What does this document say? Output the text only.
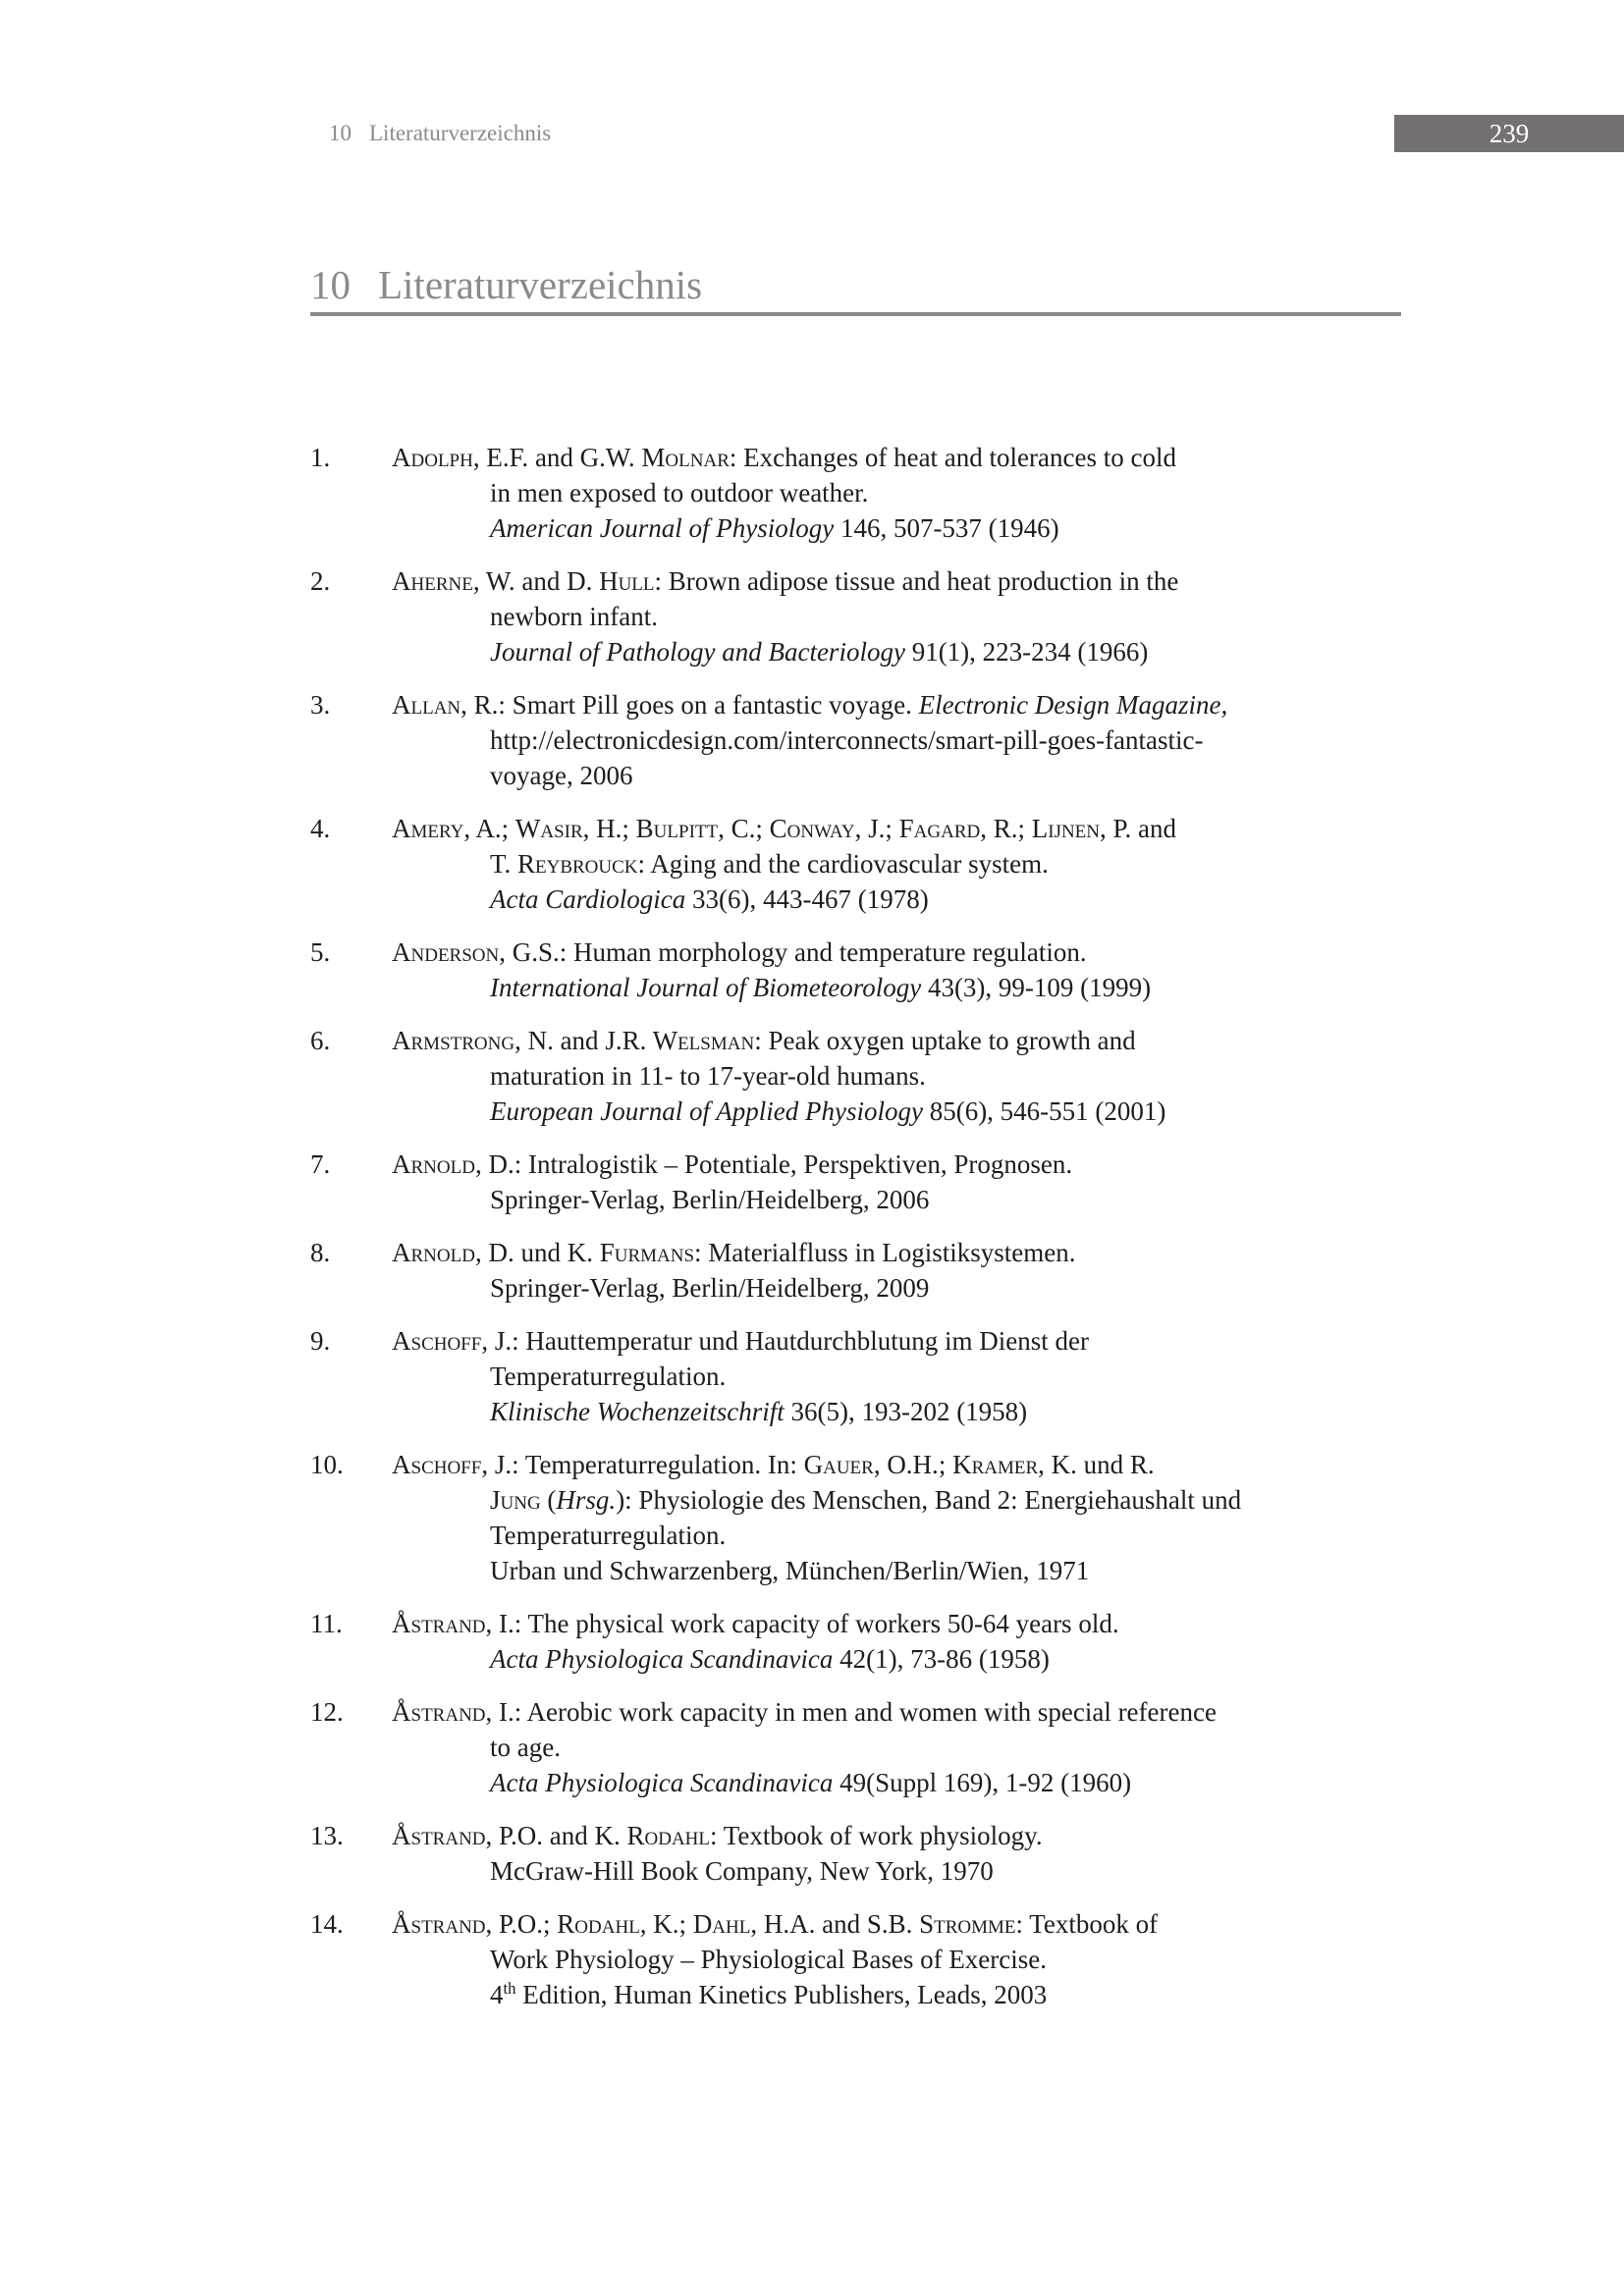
10 Literaturverzeichnis	239
10 Literaturverzeichnis
1.	Adolph, E.F. and G.W. Molnar: Exchanges of heat and tolerances to cold
in men exposed to outdoor weather.
American Journal of Physiology 146, 507-537 (1946)
2.	Aherne, W. and D. Hull: Brown adipose tissue and heat production in the
newborn infant.
Journal of Pathology and Bacteriology 91(1), 223-234 (1966)
3.	Allan, R.: Smart Pill goes on a fantastic voyage. Electronic Design Magazine,
http://electronicdesign.com/interconnects/smart-pill-goes-fantastic-
voyage, 2006
4.	Amery, A.; Wasir, H.; Bulpitt, C.; Conway, J.; Fagard, R.; Lijnen, P. and
T. Reybrouck: Aging and the cardiovascular system.
Acta Cardiologica 33(6), 443-467 (1978)
5.	Anderson, G.S.: Human morphology and temperature regulation.
International Journal of Biometeorology 43(3), 99-109 (1999)
6.	Armstrong, N. and J.R. Welsman: Peak oxygen uptake to growth and
maturation in 11- to 17-year-old humans.
European Journal of Applied Physiology 85(6), 546-551 (2001)
7.	Arnold, D.: Intralogistik – Potentiale, Perspektiven, Prognosen.
Springer-Verlag, Berlin/Heidelberg, 2006
8.	Arnold, D. und K. Furmans: Materialfluss in Logistiksystemen.
Springer-Verlag, Berlin/Heidelberg, 2009
9.	Aschoff, J.: Hauttemperatur und Hautdurchblutung im Dienst der
Temperaturregulation.
Klinische Wochenzeitschrift 36(5), 193-202 (1958)
10.	Aschoff, J.: Temperaturregulation. In: Gauer, O.H.; Kramer, K. und R.
Jung (Hrsg.): Physiologie des Menschen, Band 2: Energiehaushalt und
Temperaturregulation.
Urban und Schwarzenberg, München/Berlin/Wien, 1971
11.	Åstrand, I.: The physical work capacity of workers 50-64 years old.
Acta Physiologica Scandinavica 42(1), 73-86 (1958)
12.	Åstrand, I.: Aerobic work capacity in men and women with special reference
to age.
Acta Physiologica Scandinavica 49(Suppl 169), 1-92 (1960)
13.	Åstrand, P.O. and K. Rodahl: Textbook of work physiology.
McGraw-Hill Book Company, New York, 1970
14.	Åstrand, P.O.; Rodahl, K.; Dahl, H.A. and S.B. Stromme: Textbook of
Work Physiology – Physiological Bases of Exercise.
4th Edition, Human Kinetics Publishers, Leads, 2003
